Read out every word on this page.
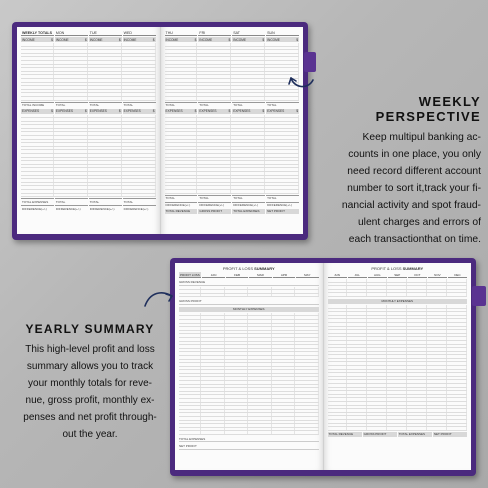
WEEKLY TOTALS	MON	TUE	WED
INCOME	$ INCOME	$ INCOME	$ INCOME	$
TOTAL INCOME	TOTAL	TOTAL	TOTAL
EXPENSES	$ EXPENSES	$ EXPENSES	$ EXPENSES	$
TOTAL EXPENSES	TOTAL	TOTAL	TOTAL
DIFFERENCE(+/-)	DIFFERENCE(+/-)	DIFFERENCE(+/-)	DIFFERENCE(+/-)
THU	FRI	SAT	SUN
INCOME	$ INCOME	$ INCOME	$ INCOME	$
TOTAL	TOTAL	TOTAL	TOTAL
EXPENSES	$ EXPENSES	$ EXPENSES	$ EXPENSES	$
TOTAL	TOTAL	TOTAL	TOTAL
DIFFERENCE(+/-)	DIFFERENCE(+/-)	DIFFERENCE(+/-)	DIFFERENCE(+/-)
TOTAL REVENUE	GROSS PROFIT	TOTAL EXPENSES	NET PROFIT
WEEKLY PERSPECTIVE

Keep multipul banking ac-
counts in one place, you only
need record different account
number to sort it,track your fi-
nancial activity and spot fraud-
ulent charges and errors of
each transactionthat on time.

PROFIT & LOSS SUMMARY
PROFIT LOSS	JAN	FEB	MAR	APR	MAY
GROSS REVENUE
GROSS PROFIT
MONTHLY EXPENSES
TOTAL EXPENSES
NET PROFIT
PROFIT & LOSS SUMMARY
JUN	JUL	AUG	SEP	OCT	NOV	DEC
MONTHLY EXPENSES
TOTAL REVENUE	GROSS PROFIT	TOTAL EXPENSES	NET PROFIT
YEARLY SUMMARY

This high-level profit and loss
summary allows you to track
your monthly totals for reve-
nue, gross profit, monthly ex-
penses and net profit through-
out the year.
